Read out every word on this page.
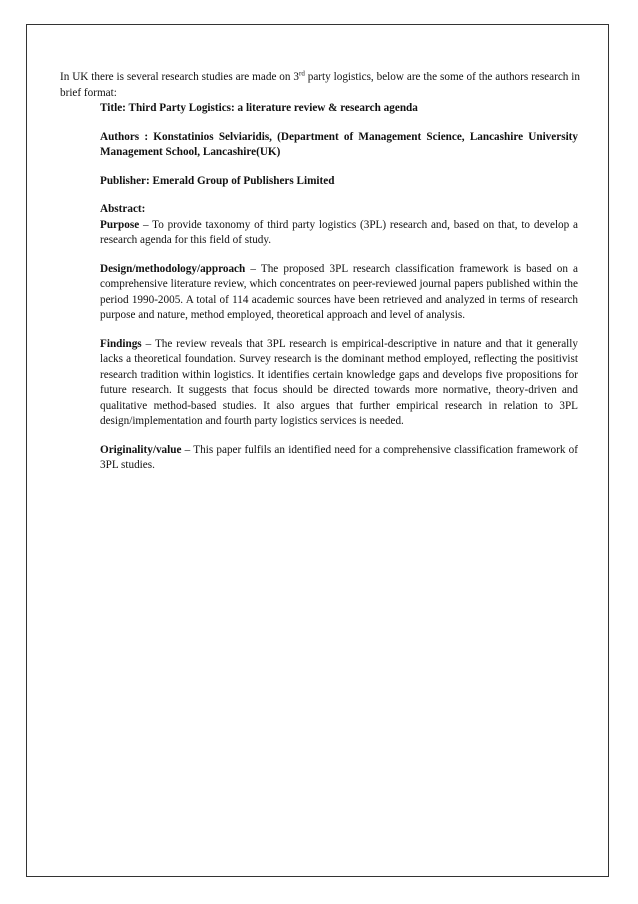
In UK there is several research studies are made on 3rd party logistics, below are the some of the authors research in brief format:

Title: Third Party Logistics: a literature review & research agenda

Authors : Konstatinios Selviaridis, (Department of Management Science, Lancashire University Management School, Lancashire(UK)

Publisher: Emerald Group of Publishers Limited

Abstract:

Purpose – To provide taxonomy of third party logistics (3PL) research and, based on that, to develop a research agenda for this field of study.

Design/methodology/approach – The proposed 3PL research classification framework is based on a comprehensive literature review, which concentrates on peer-reviewed journal papers published within the period 1990-2005. A total of 114 academic sources have been retrieved and analyzed in terms of research purpose and nature, method employed, theoretical approach and level of analysis.

Findings – The review reveals that 3PL research is empirical-descriptive in nature and that it generally lacks a theoretical foundation. Survey research is the dominant method employed, reflecting the positivist research tradition within logistics. It identifies certain knowledge gaps and develops five propositions for future research. It suggests that focus should be directed towards more normative, theory-driven and qualitative method-based studies. It also argues that further empirical research in relation to 3PL design/implementation and fourth party logistics services is needed.

Originality/value – This paper fulfils an identified need for a comprehensive classification framework of 3PL studies.
